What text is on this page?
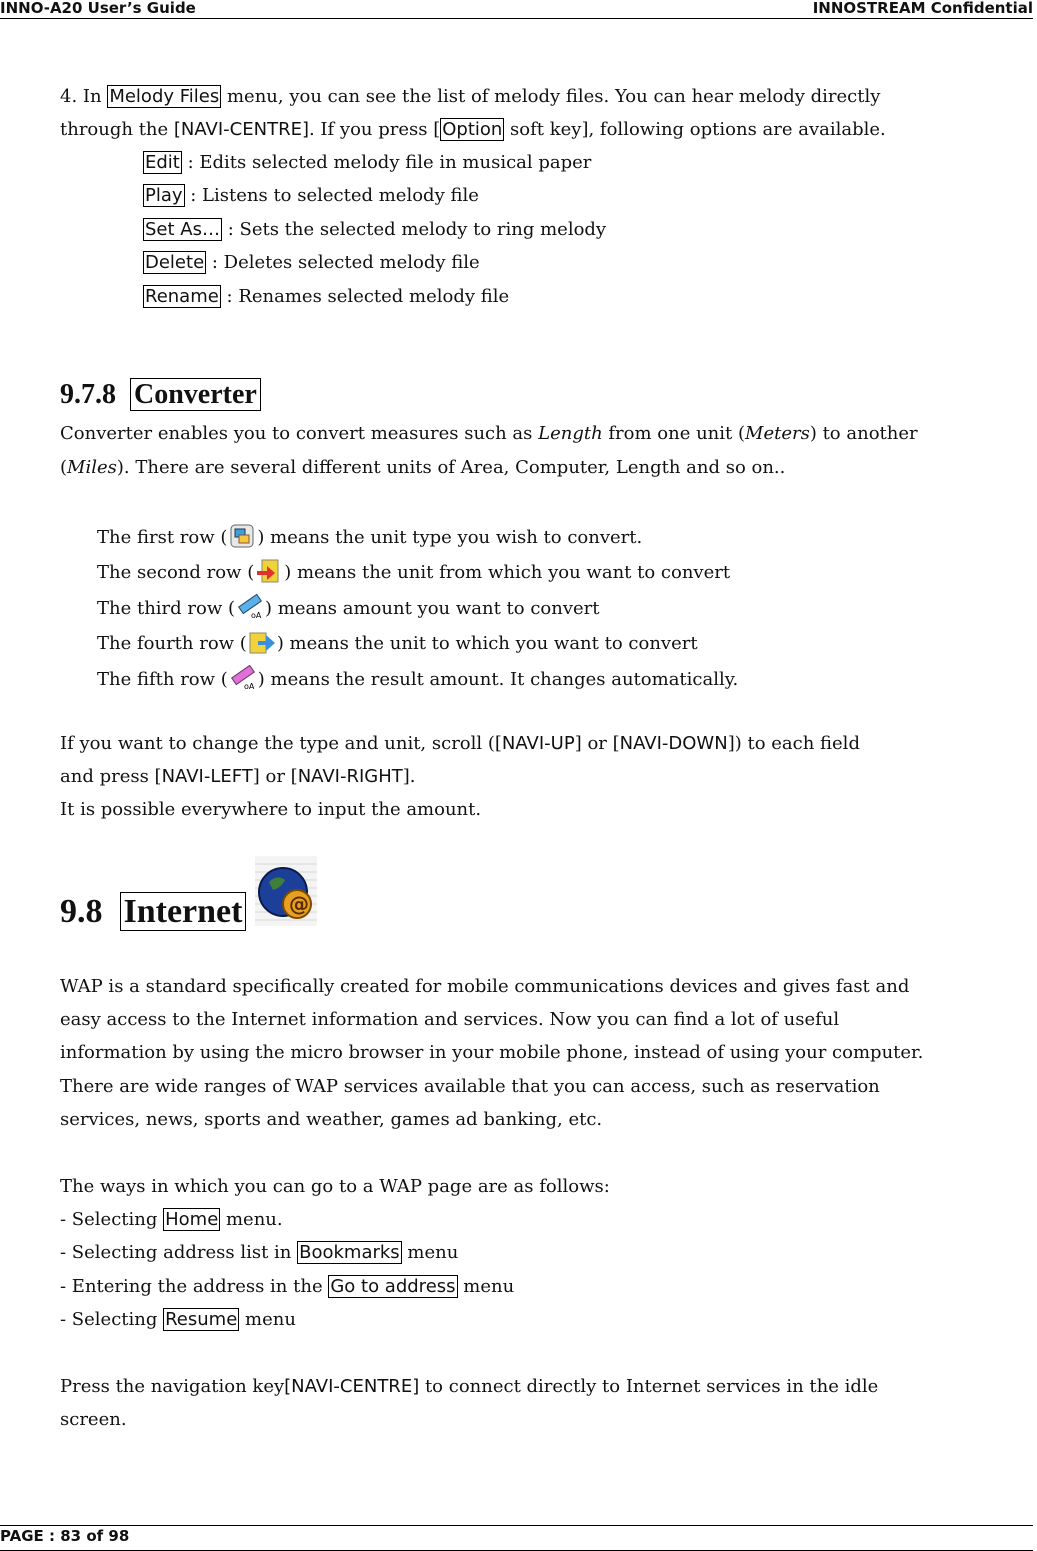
INNO-A20 User’s Guide	INNOSTREAM Confidential
4. In Melody Files menu, you can see the list of melody files. You can hear melody directly
through the [NAVI-CENTRE]. If you press [ Option soft key], following options are available.
Edit : Edits selected melody file in musical paper
Play : Listens to selected melody file
Set As… : Sets the selected melody to ring melody
Delete : Deletes selected melody file
Rename : Renames selected melody file
9.7.8 Converter
Converter enables you to convert measures such as Length from one unit (Meters) to another
(Miles). There are several different units of Area, Computer, Length and so on..
The first row ( ) means the unit type you wish to convert.
The second row ( ) means the unit from which you want to convert
The third row ( oA ) means amount you want to convert
The fourth row ( ) means the unit to which you want to convert
The fifth row ( oA ) means the result amount. It changes automatically.
If you want to change the type and unit, scroll ([NAVI-UP] or [NAVI-DOWN]) to each field
and press [NAVI-LEFT] or [NAVI-RIGHT].
It is possible everywhere to input the amount.
9.8 Internet @
WAP is a standard specifically created for mobile communications devices and gives fast and
easy access to the Internet information and services. Now you can find a lot of useful
information by using the micro browser in your mobile phone, instead of using your computer.
There are wide ranges of WAP services available that you can access, such as reservation
services, news, sports and weather, games ad banking, etc.
The ways in which you can go to a WAP page are as follows:
- Selecting Home menu.
- Selecting address list in Bookmarks menu
- Entering the address in the Go to address menu
- Selecting Resume menu
Press the navigation key[NAVI-CENTRE] to connect directly to Internet services in the idle
screen.
PAGE : 83 of 98
